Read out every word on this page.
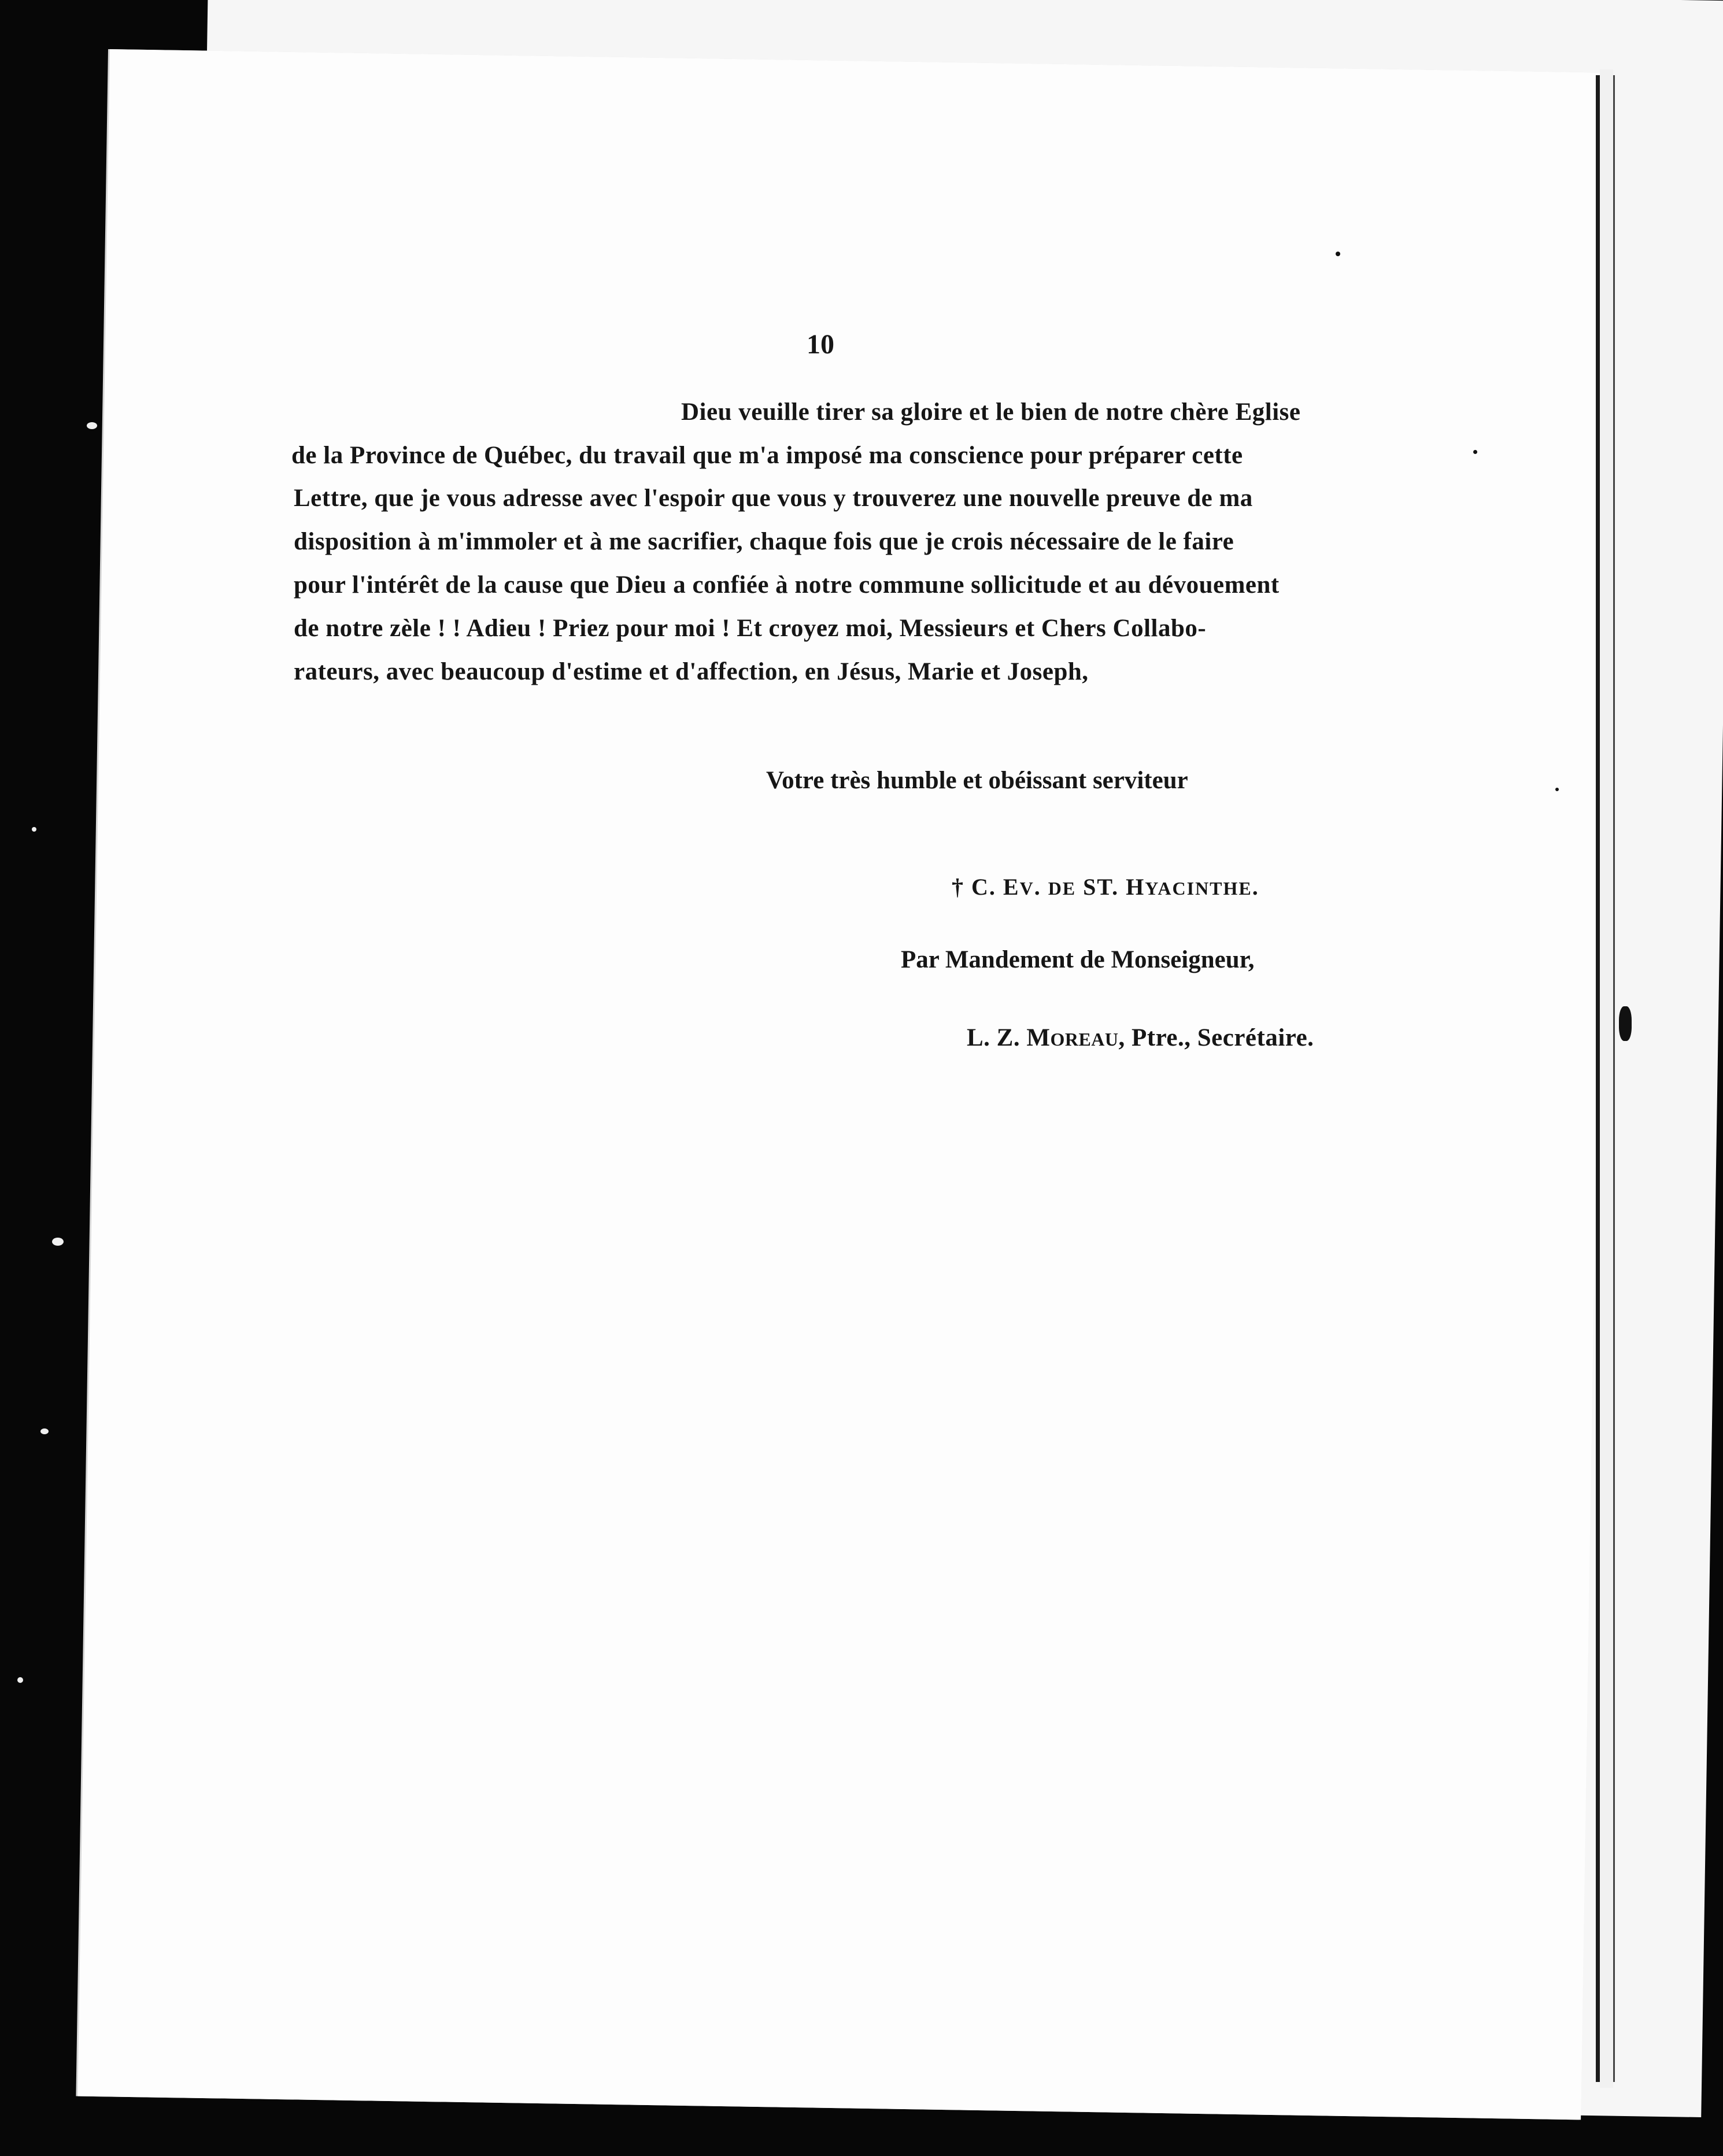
10
Dieu veuille tirer sa gloire et le bien de notre chère Eglise
de la Province de Québec, du travail que m'a imposé ma conscience pour préparer cette
Lettre, que je vous adresse avec l'espoir que vous y trouverez une nouvelle preuve de ma
disposition à m'immoler et à me sacrifier, chaque fois que je crois nécessaire de le faire
pour l'intérêt de la cause que Dieu a confiée à notre commune sollicitude et au dévouement
de notre zèle ! ! Adieu ! Priez pour moi ! Et croyez moi, Messieurs et Chers Collabo-
rateurs, avec beaucoup d'estime et d'affection, en Jésus, Marie et Joseph,
Votre très humble et obéissant serviteur
† C. EV. DE ST. HYACINTHE.
Par Mandement de Monseigneur,
L. Z. MOREAU, Ptre., Secrétaire.
